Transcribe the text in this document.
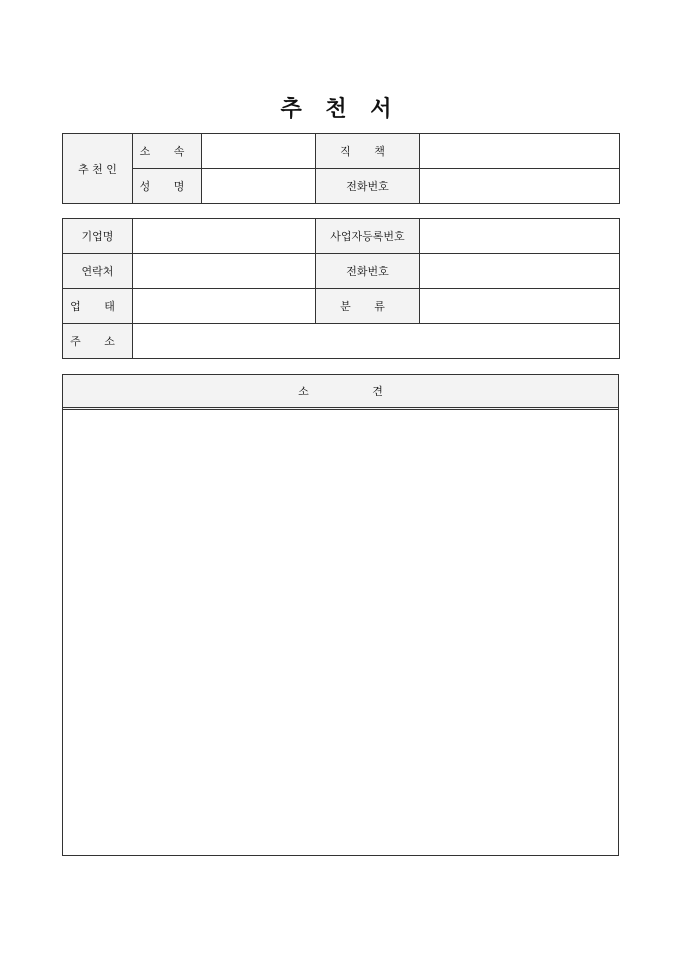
추 천 서
추 천 인	소 속		직 책	
	성 명		전화번호	
기업명		사업자등록번호	
연락처		전화번호	
업 태		분 류	
주 소			
소 견
